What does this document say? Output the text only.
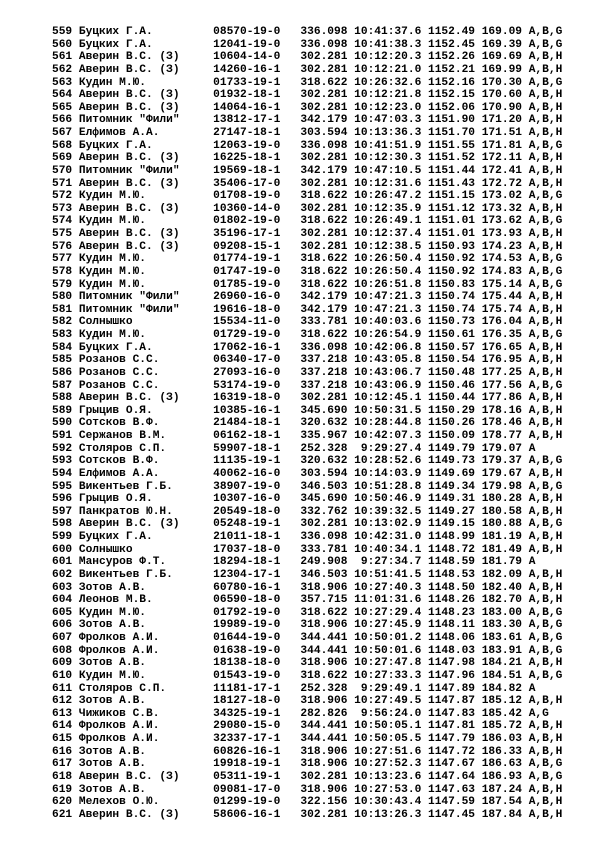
559 Буцких Г.А.         08570-19-0   336.098 10:41:37.6 1152.49 169.09 A,B,G
560 Буцких Г.А.         12041-19-0   336.098 10:41:38.3 1152.45 169.39 A,B,G
561 Аверин В.С. (З)     10604-14-0   302.281 10:12:20.3 1152.26 169.69 A,B,H
562 Аверин В.С. (З)     14260-16-1   302.281 10:12:21.0 1152.21 169.99 A,B,H
563 Кудин М.Ю.          01733-19-1   318.622 10:26:32.6 1152.16 170.30 A,B,G
564 Аверин В.С. (З)     01932-18-1   302.281 10:12:21.8 1152.15 170.60 A,B,H
565 Аверин В.С. (З)     14064-16-1   302.281 10:12:23.0 1152.06 170.90 A,B,H
566 Питомник "Фили"     13812-17-1   342.179 10:47:03.3 1151.90 171.20 A,B,H
567 Елфимов А.А.        27147-18-1   303.594 10:13:36.3 1151.70 171.51 A,B,H
568 Буцких Г.А.         12063-19-0   336.098 10:41:51.9 1151.55 171.81 A,B,G
569 Аверин В.С. (З)     16225-18-1   302.281 10:12:30.3 1151.52 172.11 A,B,H
570 Питомник "Фили"     19569-18-1   342.179 10:47:10.5 1151.44 172.41 A,B,H
571 Аверин В.С. (З)     35406-17-0   302.281 10:12:31.6 1151.43 172.72 A,B,H
572 Кудин М.Ю.          01708-19-0   318.622 10:26:47.2 1151.15 173.02 A,B,G
573 Аверин В.С. (З)     10360-14-0   302.281 10:12:35.9 1151.12 173.32 A,B,H
574 Кудин М.Ю.          01802-19-0   318.622 10:26:49.1 1151.01 173.62 A,B,G
575 Аверин В.С. (З)     35196-17-1   302.281 10:12:37.4 1151.01 173.93 A,B,H
576 Аверин В.С. (З)     09208-15-1   302.281 10:12:38.5 1150.93 174.23 A,B,H
577 Кудин М.Ю.          01774-19-1   318.622 10:26:50.4 1150.92 174.53 A,B,G
578 Кудин М.Ю.          01747-19-0   318.622 10:26:50.4 1150.92 174.83 A,B,G
579 Кудин М.Ю.          01785-19-0   318.622 10:26:51.8 1150.83 175.14 A,B,G
580 Питомник "Фили"     26960-16-0   342.179 10:47:21.3 1150.74 175.44 A,B,H
581 Питомник "Фили"     19616-18-0   342.179 10:47:21.3 1150.74 175.74 A,B,H
582 Солнышко            15534-11-0   333.781 10:40:03.6 1150.73 176.04 A,B,H
583 Кудин М.Ю.          01729-19-0   318.622 10:26:54.9 1150.61 176.35 A,B,G
584 Буцких Г.А.         17062-16-1   336.098 10:42:06.8 1150.57 176.65 A,B,H
585 Розанов С.С.        06340-17-0   337.218 10:43:05.8 1150.54 176.95 A,B,H
586 Розанов С.С.        27093-16-0   337.218 10:43:06.7 1150.48 177.25 A,B,H
587 Розанов С.С.        53174-19-0   337.218 10:43:06.9 1150.46 177.56 A,B,G
588 Аверин В.С. (З)     16319-18-0   302.281 10:12:45.1 1150.44 177.86 A,B,H
589 Грыцив О.Я.         10385-16-1   345.690 10:50:31.5 1150.29 178.16 A,B,H
590 Сотсков В.Ф.        21484-18-1   320.632 10:28:44.8 1150.26 178.46 A,B,H
591 Сержанов В.М.       06162-18-1   335.967 10:42:07.3 1150.09 178.77 A,B,H
592 Столяров С.П.       59907-18-1   252.328  9:29:27.4 1149.79 179.07 A
593 Сотсков В.Ф.        11135-19-1   320.632 10:28:52.6 1149.73 179.37 A,B,G
594 Елфимов А.А.        40062-16-0   303.594 10:14:03.9 1149.69 179.67 A,B,H
595 Викентьев Г.Б.      38907-19-0   346.503 10:51:28.8 1149.34 179.98 A,B,G
596 Грыцив О.Я.         10307-16-0   345.690 10:50:46.9 1149.31 180.28 A,B,H
597 Панкратов Ю.Н.      20549-18-0   332.762 10:39:32.5 1149.27 180.58 A,B,H
598 Аверин В.С. (З)     05248-19-1   302.281 10:13:02.9 1149.15 180.88 A,B,G
599 Буцких Г.А.         21011-18-1   336.098 10:42:31.0 1148.99 181.19 A,B,H
600 Солнышко            17037-18-0   333.781 10:40:34.1 1148.72 181.49 A,B,H
601 Мансуров Ф.Т.       18294-18-1   249.908  9:27:34.7 1148.59 181.79 A
602 Викентьев Г.Б.      12304-17-1   346.503 10:51:41.5 1148.53 182.09 A,B,H
603 Зотов А.В.          60780-16-1   318.906 10:27:40.3 1148.50 182.40 A,B,H
604 Леонов М.В.         06590-18-0   357.715 11:01:31.6 1148.26 182.70 A,B,H
605 Кудин М.Ю.          01792-19-0   318.622 10:27:29.4 1148.23 183.00 A,B,G
606 Зотов А.В.          19989-19-0   318.906 10:27:45.9 1148.11 183.30 A,B,G
607 Фролков А.И.        01644-19-0   344.441 10:50:01.2 1148.06 183.61 A,B,G
608 Фролков А.И.        01638-19-0   344.441 10:50:01.6 1148.03 183.91 A,B,G
609 Зотов А.В.          18138-18-0   318.906 10:27:47.8 1147.98 184.21 A,B,H
610 Кудин М.Ю.          01543-19-0   318.622 10:27:33.3 1147.96 184.51 A,B,G
611 Столяров С.П.       11181-17-1   252.328  9:29:49.1 1147.89 184.82 A
612 Зотов А.В.          18127-18-0   318.906 10:27:49.5 1147.87 185.12 A,B,H
613 Чижиков С.В.        34325-19-1   282.826  9:56:24.0 1147.83 185.42 A,G
614 Фролков А.И.        29080-15-0   344.441 10:50:05.1 1147.81 185.72 A,B,H
615 Фролков А.И.        32337-17-1   344.441 10:50:05.5 1147.79 186.03 A,B,H
616 Зотов А.В.          60826-16-1   318.906 10:27:51.6 1147.72 186.33 A,B,H
617 Зотов А.В.          19918-19-1   318.906 10:27:52.3 1147.67 186.63 A,B,G
618 Аверин В.С. (З)     05311-19-1   302.281 10:13:23.6 1147.64 186.93 A,B,G
619 Зотов А.В.          09081-17-0   318.906 10:27:53.0 1147.63 187.24 A,B,H
620 Мелехов О.Ю.        01299-19-0   322.156 10:30:43.4 1147.59 187.54 A,B,H
621 Аверин В.С. (З)     58606-16-1   302.281 10:13:26.3 1147.45 187.84 A,B,H
